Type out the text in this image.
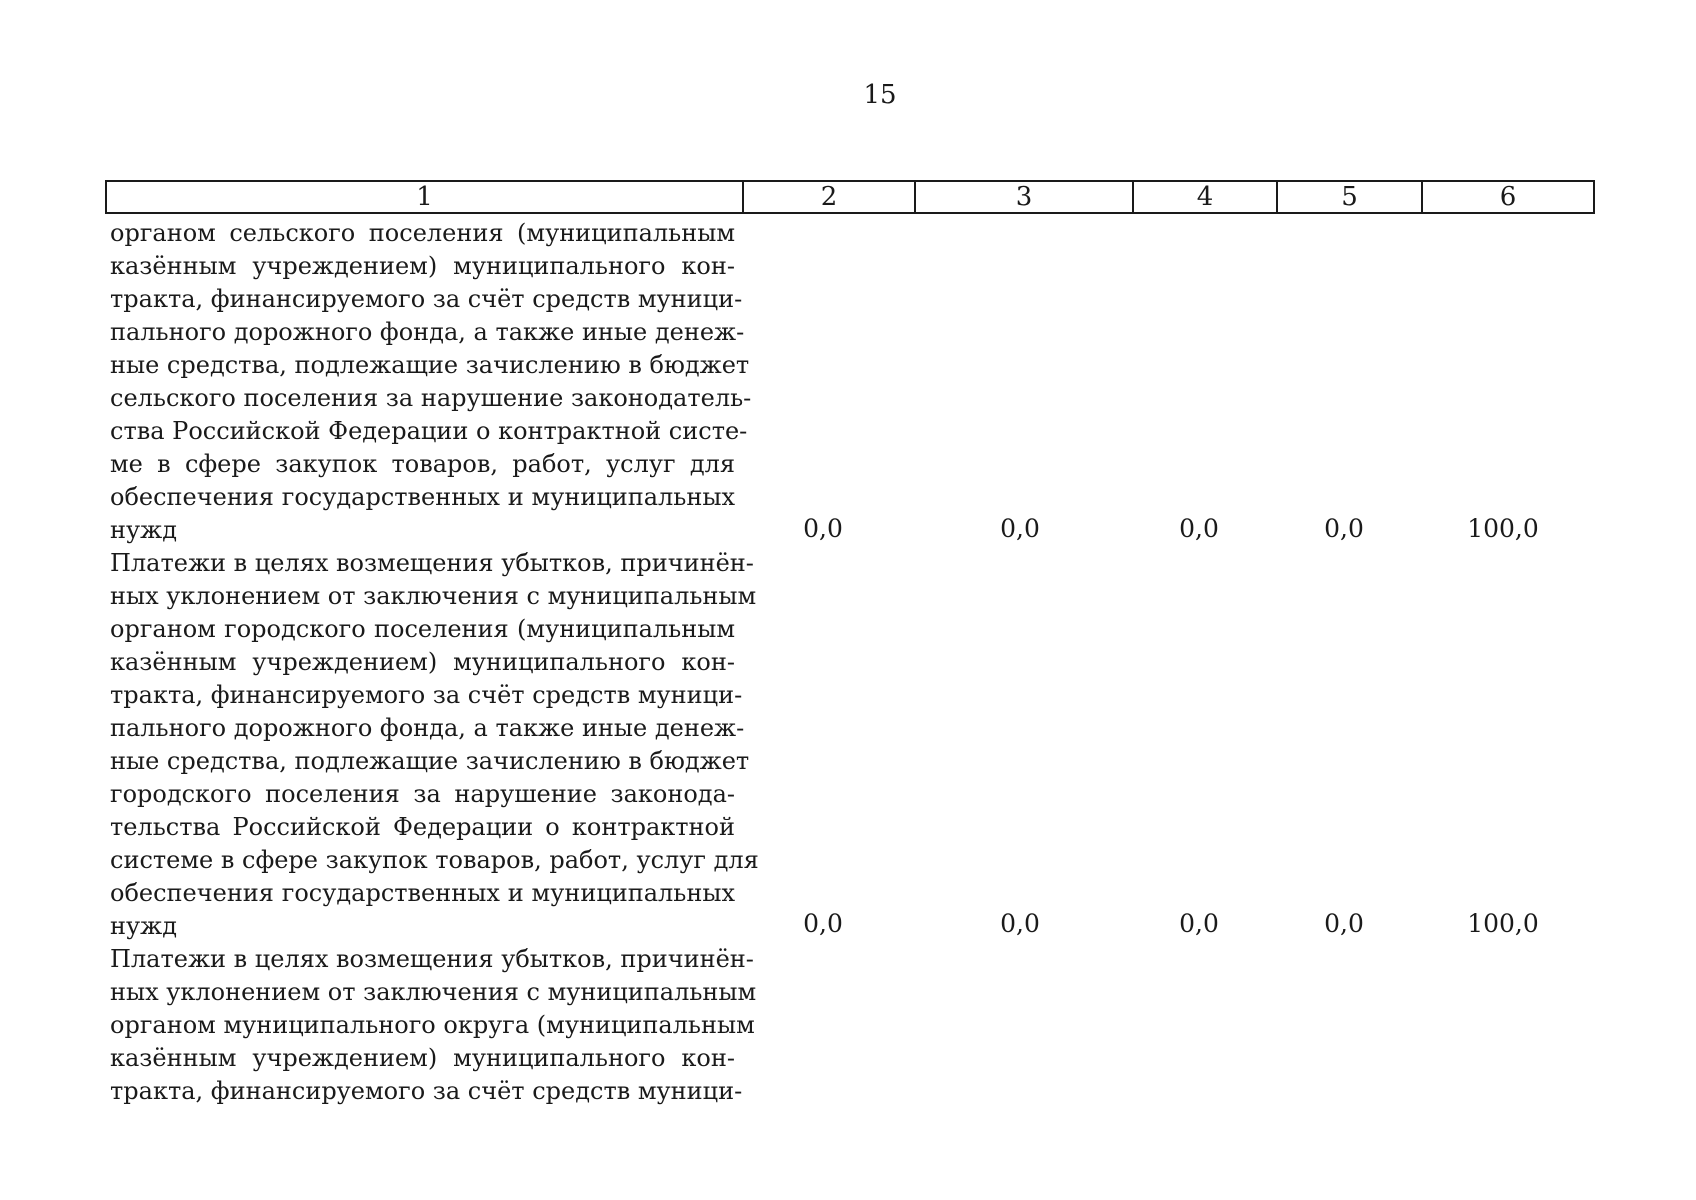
15
1	2	3	4	5	6
органом сельского поселения (муниципальным
казённым учреждением) муниципального кон-
тракта, финансируемого за счёт средств муници-
пального дорожного фонда, а также иные денеж-
ные средства, подлежащие зачислению в бюджет
сельского поселения за нарушение законодатель-
ства Российской Федерации о контрактной систе-
ме в сфере закупок товаров, работ, услуг для
обеспечения государственных и муниципальных
нужд	0,0	0,0	0,0	0,0	100,0
Платежи в целях возмещения убытков, причинён-
ных уклонением от заключения с муниципальным
органом городского поселения (муниципальным
казённым учреждением) муниципального кон-
тракта, финансируемого за счёт средств муници-
пального дорожного фонда, а также иные денеж-
ные средства, подлежащие зачислению в бюджет
городского поселения за нарушение законода-
тельства Российской Федерации о контрактной
системе в сфере закупок товаров, работ, услуг для
обеспечения государственных и муниципальных
нужд	0,0	0,0	0,0	0,0	100,0
Платежи в целях возмещения убытков, причинён-
ных уклонением от заключения с муниципальным
органом муниципального округа (муниципальным
казённым учреждением) муниципального кон-
тракта, финансируемого за счёт средств муници-
